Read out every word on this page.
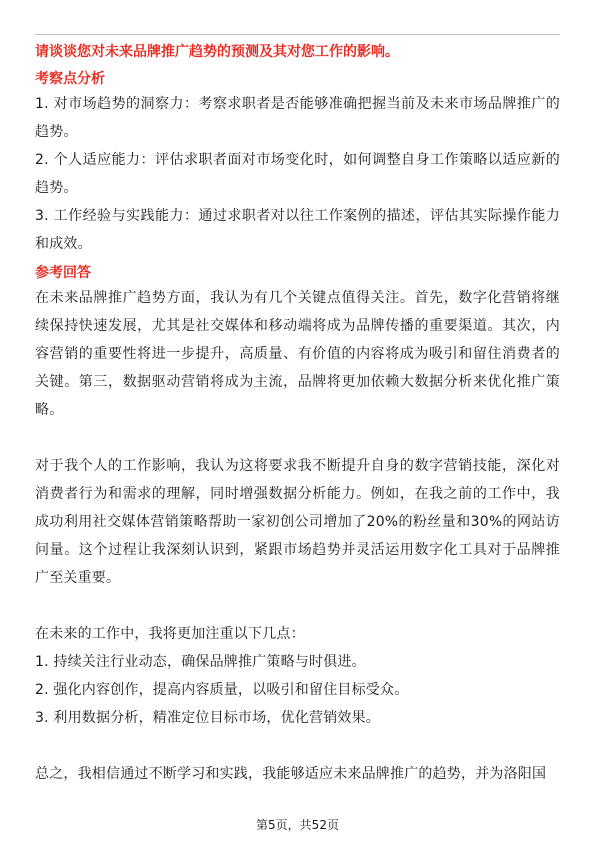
请谈谈您对未来品牌推广趋势的预测及其对您工作的影响。

考察点分析

1. 对市场趋势的洞察力：考察求职者是否能够准确把握当前及未来市场品牌推广的趋势。
2. 个人适应能力：评估求职者面对市场变化时，如何调整自身工作策略以适应新的趋势。
3. 工作经验与实践能力：通过求职者对以往工作案例的描述，评估其实际操作能力和成效。

参考回答

在未来品牌推广趋势方面，我认为有几个关键点值得关注。首先，数字化营销将继续保持快速发展，尤其是社交媒体和移动端将成为品牌传播的重要渠道。其次，内容营销的重要性将进一步提升，高质量、有价值的内容将成为吸引和留住消费者的关键。第三，数据驱动营销将成为主流，品牌将更加依赖大数据分析来优化推广策略。

对于我个人的工作影响，我认为这将要求我不断提升自身的数字营销技能，深化对消费者行为和需求的理解，同时增强数据分析能力。例如，在我之前的工作中，我成功利用社交媒体营销策略帮助一家初创公司增加了20%的粉丝量和30%的网站访问量。这个过程让我深刻认识到，紧跟市场趋势并灵活运用数字化工具对于品牌推广至关重要。

在未来的工作中，我将更加注重以下几点：

1. 持续关注行业动态，确保品牌推广策略与时俱进。
2. 强化内容创作，提高内容质量，以吸引和留住目标受众。
3. 利用数据分析，精准定位目标市场，优化营销效果。

总之，我相信通过不断学习和实践，我能够适应未来品牌推广的趋势，并为洛阳国

第5页，共52页
